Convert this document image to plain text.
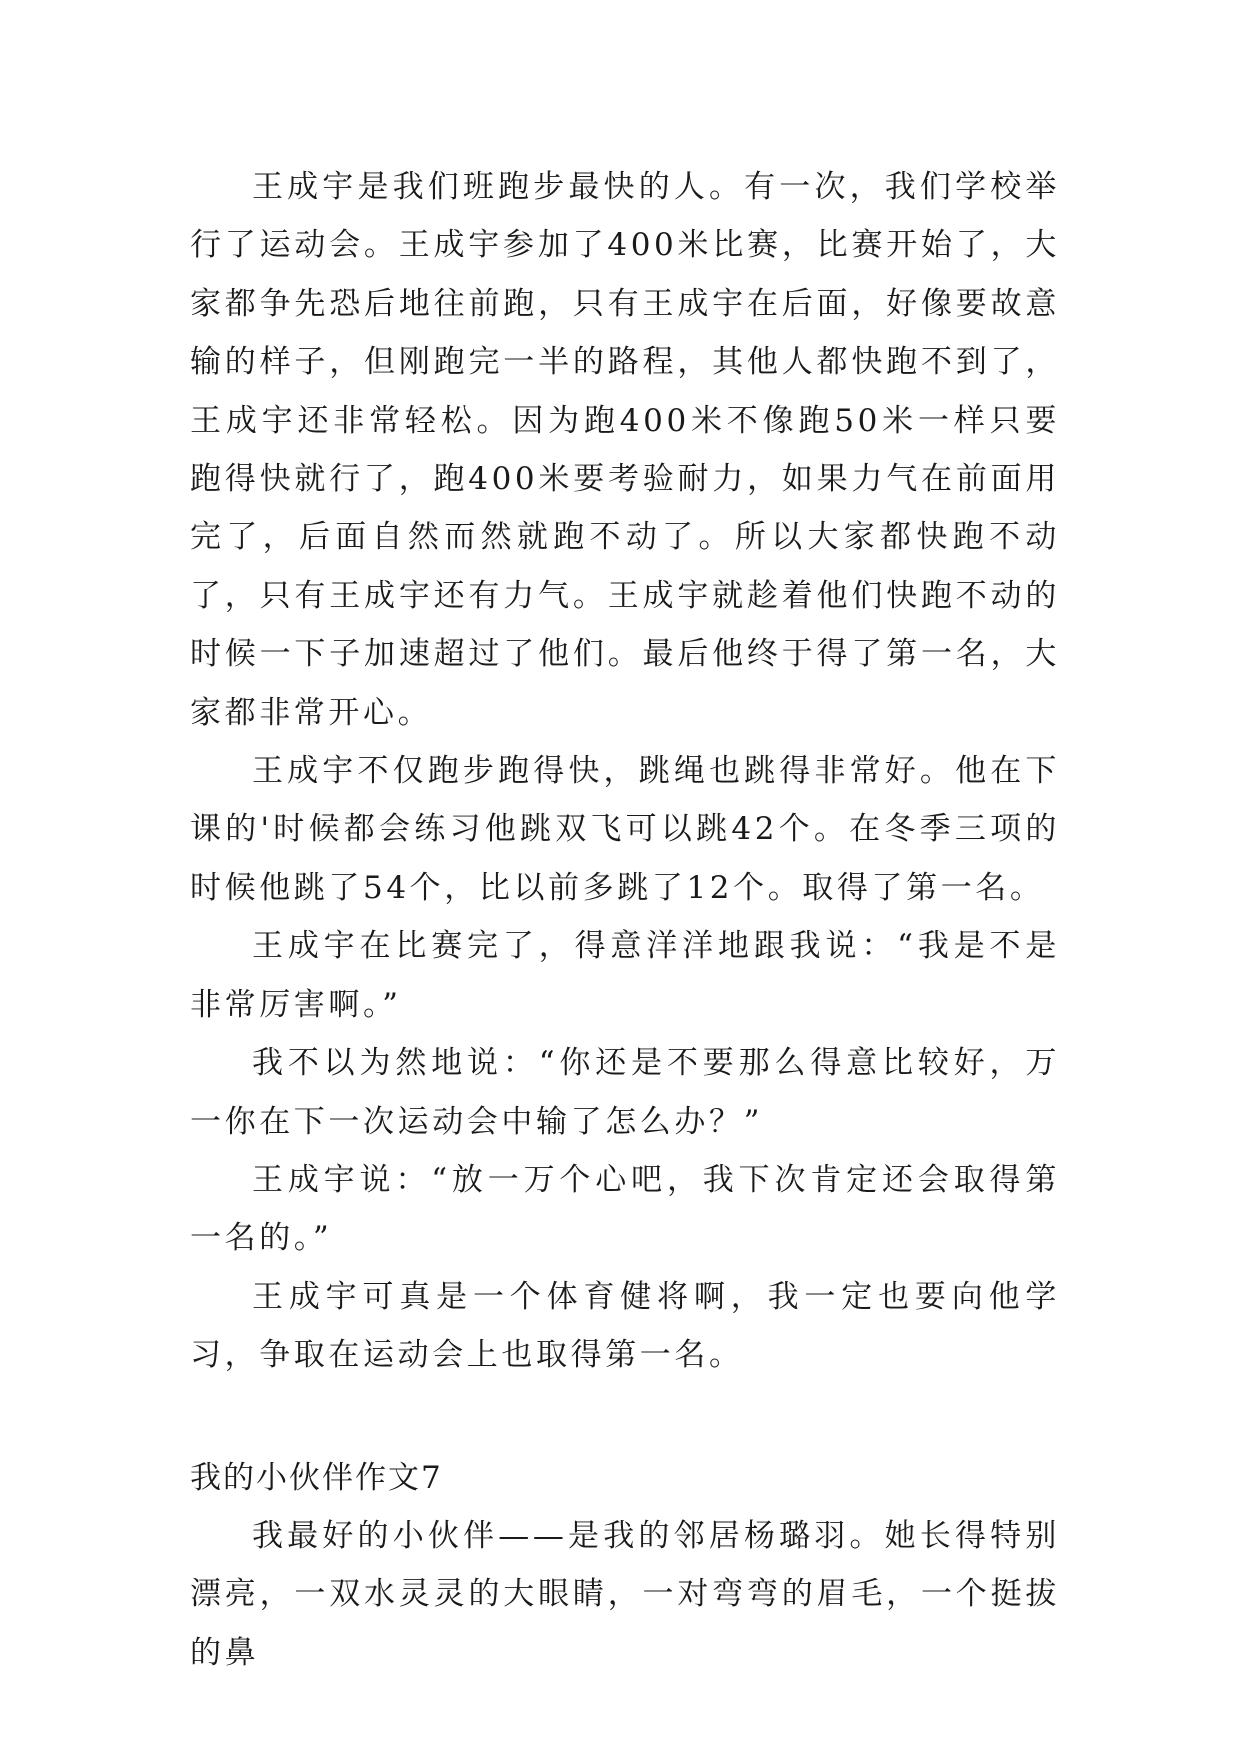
王成宇是我们班跑步最快的人。有一次，我们学校举行了运动会。王成宇参加了400米比赛，比赛开始了，大家都争先恐后地往前跑，只有王成宇在后面，好像要故意输的样子，但刚跑完一半的路程，其他人都快跑不到了，王成宇还非常轻松。因为跑400米不像跑50米一样只要跑得快就行了，跑400米要考验耐力，如果力气在前面用完了，后面自然而然就跑不动了。所以大家都快跑不动了，只有王成宇还有力气。王成宇就趁着他们快跑不动的时候一下子加速超过了他们。最后他终于得了第一名，大家都非常开心。

王成宇不仅跑步跑得快，跳绳也跳得非常好。他在下课的'时候都会练习他跳双飞可以跳42个。在冬季三项的时候他跳了54个，比以前多跳了12个。取得了第一名。

王成宇在比赛完了，得意洋洋地跟我说：“我是不是非常厉害啊。”

我不以为然地说：“你还是不要那么得意比较好，万一你在下一次运动会中输了怎么办？”

王成宇说：“放一万个心吧，我下次肯定还会取得第一名的。”

王成宇可真是一个体育健将啊，我一定也要向他学习，争取在运动会上也取得第一名。

我的小伙伴作文7

我最好的小伙伴——是我的邻居杨璐羽。她长得特别漂亮，一双水灵灵的大眼睛，一对弯弯的眉毛，一个挺拔的鼻
